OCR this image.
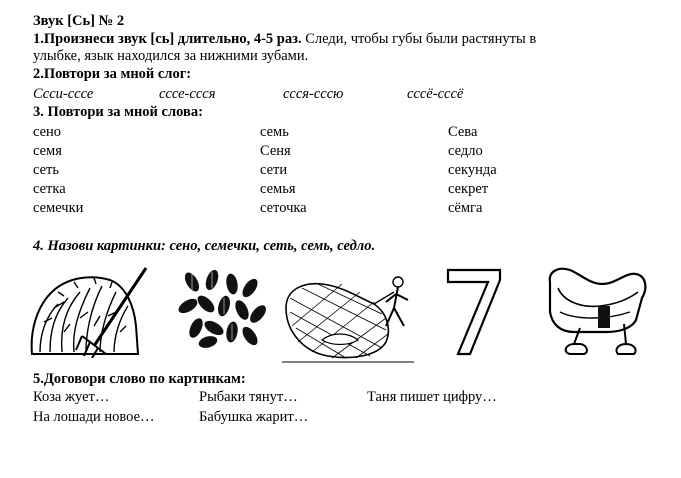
Звук [Сь] № 2
1.Произнеси звук [сь] длительно, 4-5 раз. Следи, чтобы губы были растянуты в
улыбке, язык находился за нижними зубами.
2.Повтори за мной слог:
Ссси-сссе	сссе-ссся	ссся-сссю	сссё-сссё
3. Повтори за мной слова:
сено	семь	Сева
семя	Сеня	седло
сеть	сети	секунда
сетка	семья	секрет
семечки	сеточка	сёмга
4. Назови картинки: сено, семечки, сеть, семь, седло.
5.Договори слово по картинкам:
Коза жует…	Рыбаки тянут…	Таня пишет цифру…
На лошади новое…	Бабушка жарит…
